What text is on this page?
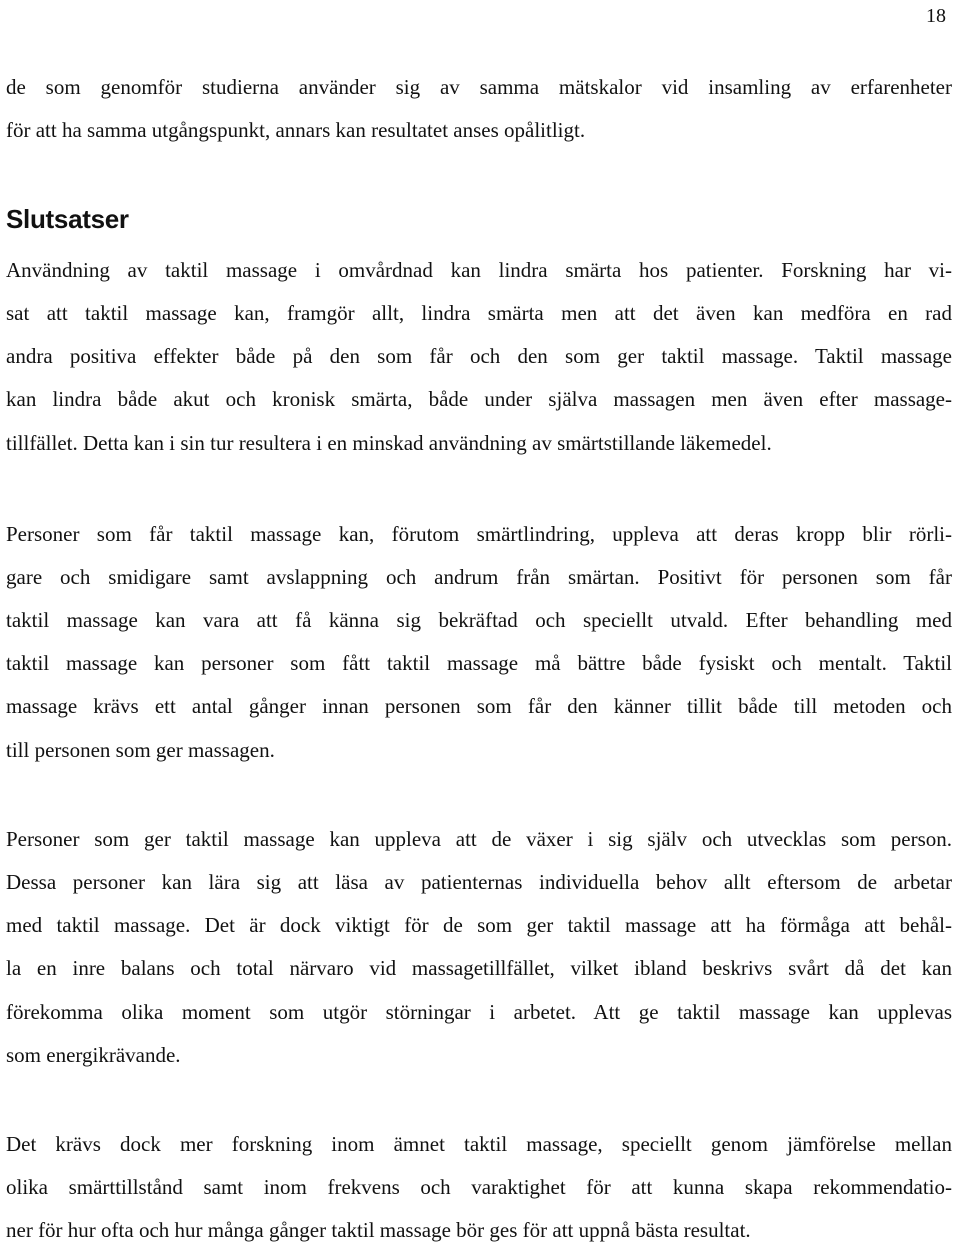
18
de som genomför studierna använder sig av samma mätskalor vid insamling av erfarenheter
för att ha samma utgångspunkt, annars kan resultatet anses opålitligt.
Slutsatser
Användning av taktil massage i omvårdnad kan lindra smärta hos patienter. Forskning har vi-
sat att taktil massage kan, framgör allt, lindra smärta men att det även kan medföra en rad
andra positiva effekter både på den som får och den som ger taktil massage. Taktil massage
kan lindra både akut och kronisk smärta, både under själva massagen men även efter massage-
tillfället. Detta kan i sin tur resultera i en minskad användning av smärtstillande läkemedel.
Personer som får taktil massage kan, förutom smärtlindring, uppleva att deras kropp blir rörli-
gare och smidigare samt avslappning och andrum från smärtan. Positivt för personen som får
taktil massage kan vara att få känna sig bekräftad och speciellt utvald. Efter behandling med
taktil massage kan personer som fått taktil massage må bättre både fysiskt och mentalt. Taktil
massage krävs ett antal gånger innan personen som får den känner tillit både till metoden och
till personen som ger massagen.
Personer som ger taktil massage kan uppleva att de växer i sig själv och utvecklas som person.
Dessa personer kan lära sig att läsa av patienternas individuella behov allt eftersom de arbetar
med taktil massage. Det är dock viktigt för de som ger taktil massage att ha förmåga att behål-
la en inre balans och total närvaro vid massagetillfället, vilket ibland beskrivs svårt då det kan
förekomma olika moment som utgör störningar i arbetet. Att ge taktil massage kan upplevas
som energikrävande.
Det krävs dock mer forskning inom ämnet taktil massage, speciellt genom jämförelse mellan
olika smärttillstånd samt inom frekvens och varaktighet för att kunna skapa rekommendatio-
ner för hur ofta och hur många gånger taktil massage bör ges för att uppnå bästa resultat.
